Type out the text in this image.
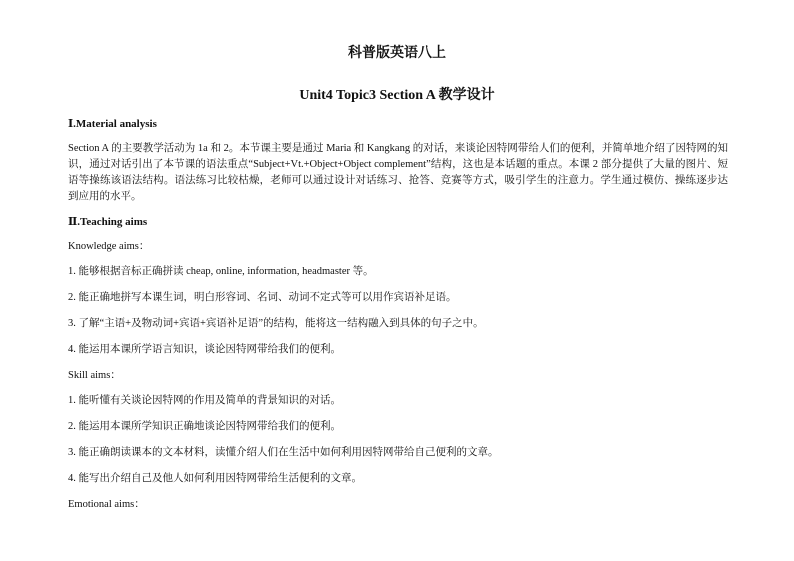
科普版英语八上
Unit4 Topic3 Section A 教学设计
Ⅰ.Material analysis
Section A 的主要教学活动为 1a 和 2。本节课主要是通过 Maria 和 Kangkang 的对话，来谈论因特网带给人们的便利，并简单地介绍了因特网的知识，通过对话引出了本节课的语法重点“Subject+Vt.+Object+Object complement”结构，这也是本话题的重点。本课 2 部分提供了大量的图片、短语等操练该语法结构。语法练习比较枯燥，老师可以通过设计对话练习、抢答、竞赛等方式，吸引学生的注意力。学生通过模仿、操练逐步达到应用的水平。
Ⅱ.Teaching aims
Knowledge aims：
1. 能够根据音标正确拼读 cheap, online, information, headmaster 等。
2. 能正确地拼写本课生词，明白形容词、名词、动词不定式等可以用作宾语补足语。
3. 了解“主语+及物动词+宾语+宾语补足语”的结构，能将这一结构融入到具体的句子之中。
4. 能运用本课所学语言知识，谈论因特网带给我们的便利。
Skill aims：
1. 能听懂有关谈论因特网的作用及简单的背景知识的对话。
2. 能运用本课所学知识正确地谈论因特网带给我们的便利。
3. 能正确朗读课本的文本材料，读懂介绍人们在生活中如何利用因特网带给自己便利的文章。
4. 能写出介绍自己及他人如何利用因特网带给生活便利的文章。
Emotional aims：
